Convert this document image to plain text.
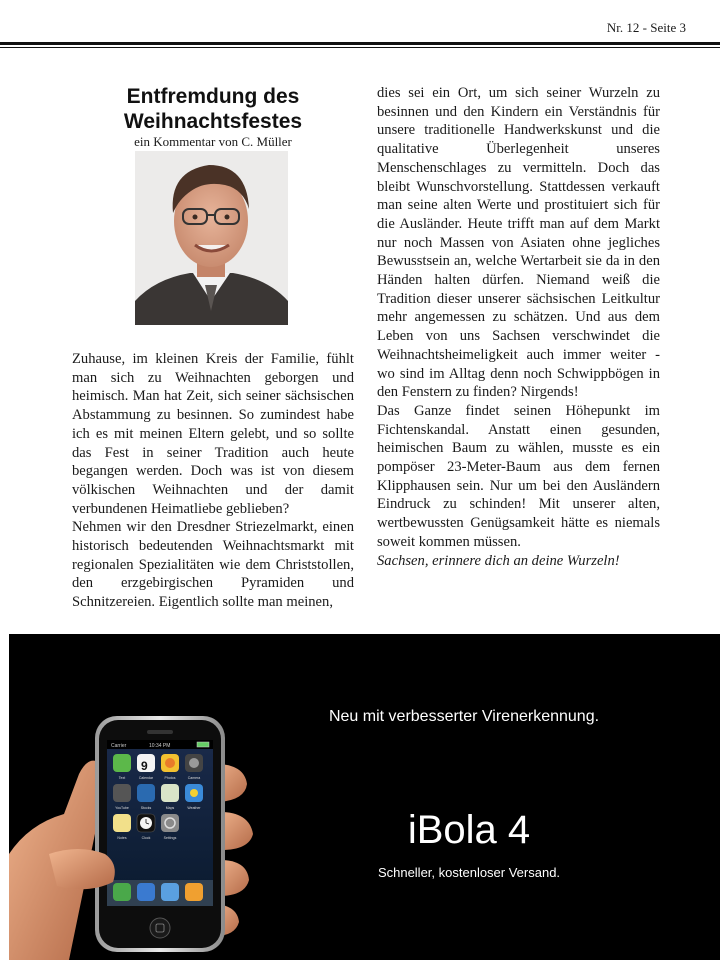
Nr. 12 - Seite 3
Entfremdung des Weihnachtsfestes
ein Kommentar von C. Müller

Zuhause, im kleinen Kreis der Familie, fühlt man sich zu Weihnachten geborgen und heimisch. Man hat Zeit, sich seiner sächsischen Abstammung zu besinnen. So zumindest habe ich es mit meinen Eltern gelebt, und so sollte das Fest in seiner Tradition auch heute begangen werden. Doch was ist von diesem völkischen Weihnachten und der damit verbundenen Heimatliebe geblieben?

Nehmen wir den Dresdner Striezelmarkt, einen historisch bedeutenden Weihnachtsmarkt mit regionalen Spezialitäten wie dem Christstollen, den erzgebirgischen Pyramiden und Schnitzereien. Eigentlich sollte man meinen,

dies sei ein Ort, um sich seiner Wurzeln zu besinnen und den Kindern ein Verständnis für unsere traditionelle Handwerkskunst und die qualitative Überlegenheit unseres Menschenschlages zu vermitteln. Doch das bleibt Wunschvorstellung. Stattdessen verkauft man seine alten Werte und prostituiert sich für die Ausländer. Heute trifft man auf dem Markt nur noch Massen von Asiaten ohne jegliches Bewusstsein an, welche Wertarbeit sie da in den Händen halten dürfen. Niemand weiß die Tradition dieser unserer sächsischen Leitkultur mehr angemessen zu schätzen. Und aus dem Leben von uns Sachsen verschwindet die Weihnachtsheimeligkeit auch immer weiter - wo sind im Alltag denn noch Schwippbögen in den Fenstern zu finden? Nirgends!

Das Ganze findet seinen Höhepunkt im Fichtenskandal. Anstatt einen gesunden, heimischen Baum zu wählen, musste es ein pompöser 23-Meter-Baum aus dem fernen Klipphausen sein. Nur um bei den Ausländern Eindruck zu schinden! Mit unserer alten, wertbewussten Genügsamkeit hätte es niemals soweit kommen müssen.

Sachsen, erinnere dich an deine Wurzeln!

Neu mit verbesserter Virenerkennung.
iBola 4
Schneller, kostenloser Versand.
Carrier	10:34 PM
9
Text	Calendar	Photos	Camera
YouTube	Stocks	Maps	Weather
Notes	Clock	Settings
